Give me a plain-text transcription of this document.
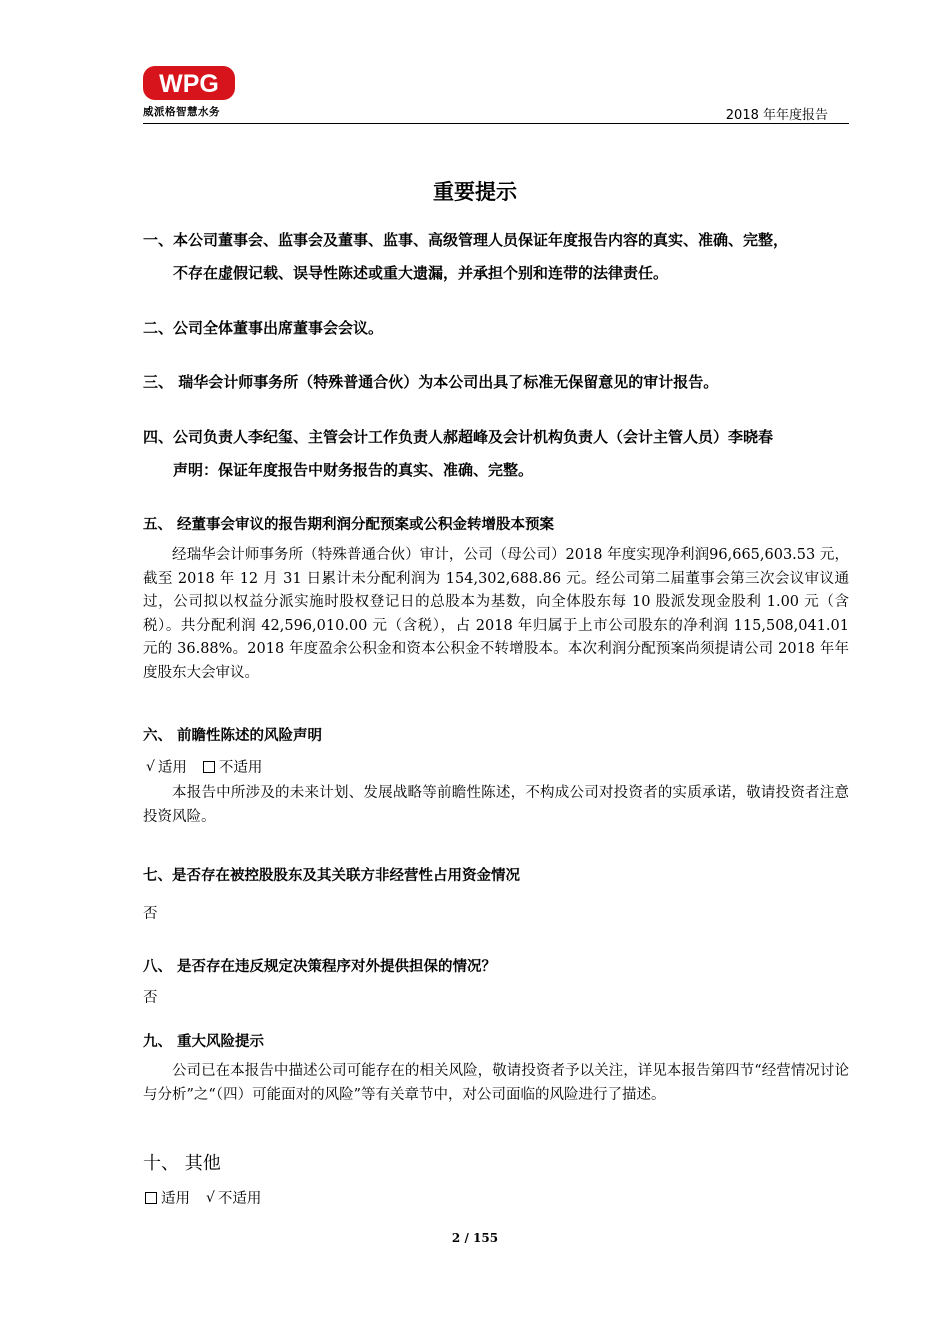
WPG
威派格智慧水务	2018 年年度报告
重要提示
一、本公司董事会、监事会及董事、监事、高级管理人员保证年度报告内容的真实、准确、完整，
不存在虚假记载、误导性陈述或重大遗漏，并承担个别和连带的法律责任。
二、公司全体董事出席董事会会议。
三、 瑞华会计师事务所（特殊普通合伙）为本公司出具了标准无保留意见的审计报告。
四、公司负责人李纪玺、主管会计工作负责人郝超峰及会计机构负责人（会计主管人员）李晓春
声明：保证年度报告中财务报告的真实、准确、完整。
五、 经董事会审议的报告期利润分配预案或公积金转增股本预案

经瑞华会计师事务所（特殊普通合伙）审计，公司（母公司）2018 年度实现净利润96,665,603.53 元，截至 2018 年 12 月 31 日累计未分配利润为 154,302,688.86 元。经公司第二届董事会第三次会议审议通过，公司拟以权益分派实施时股权登记日的总股本为基数，向全体股东每 10 股派发现金股利 1.00 元（含税）。共分配利润 42,596,010.00 元（含税），占 2018 年归属于上市公司股东的净利润 115,508,041.01 元的 36.88%。2018 年度盈余公积金和资本公积金不转增股本。本次利润分配预案尚须提请公司 2018 年年度股东大会审议。

六、 前瞻性陈述的风险声明
√ 适用 不适用

本报告中所涉及的未来计划、发展战略等前瞻性陈述，不构成公司对投资者的实质承诺，敬请投资者注意投资风险。

七、是否存在被控股股东及其关联方非经营性占用资金情况
否
八、 是否存在违反规定决策程序对外提供担保的情况？
否
九、 重大风险提示

公司已在本报告中描述公司可能存在的相关风险，敬请投资者予以关注，详见本报告第四节“经营情况讨论与分析”之“（四）可能面对的风险”等有关章节中，对公司面临的风险进行了描述。

十、 其他
适用 √ 不适用
2 / 155
